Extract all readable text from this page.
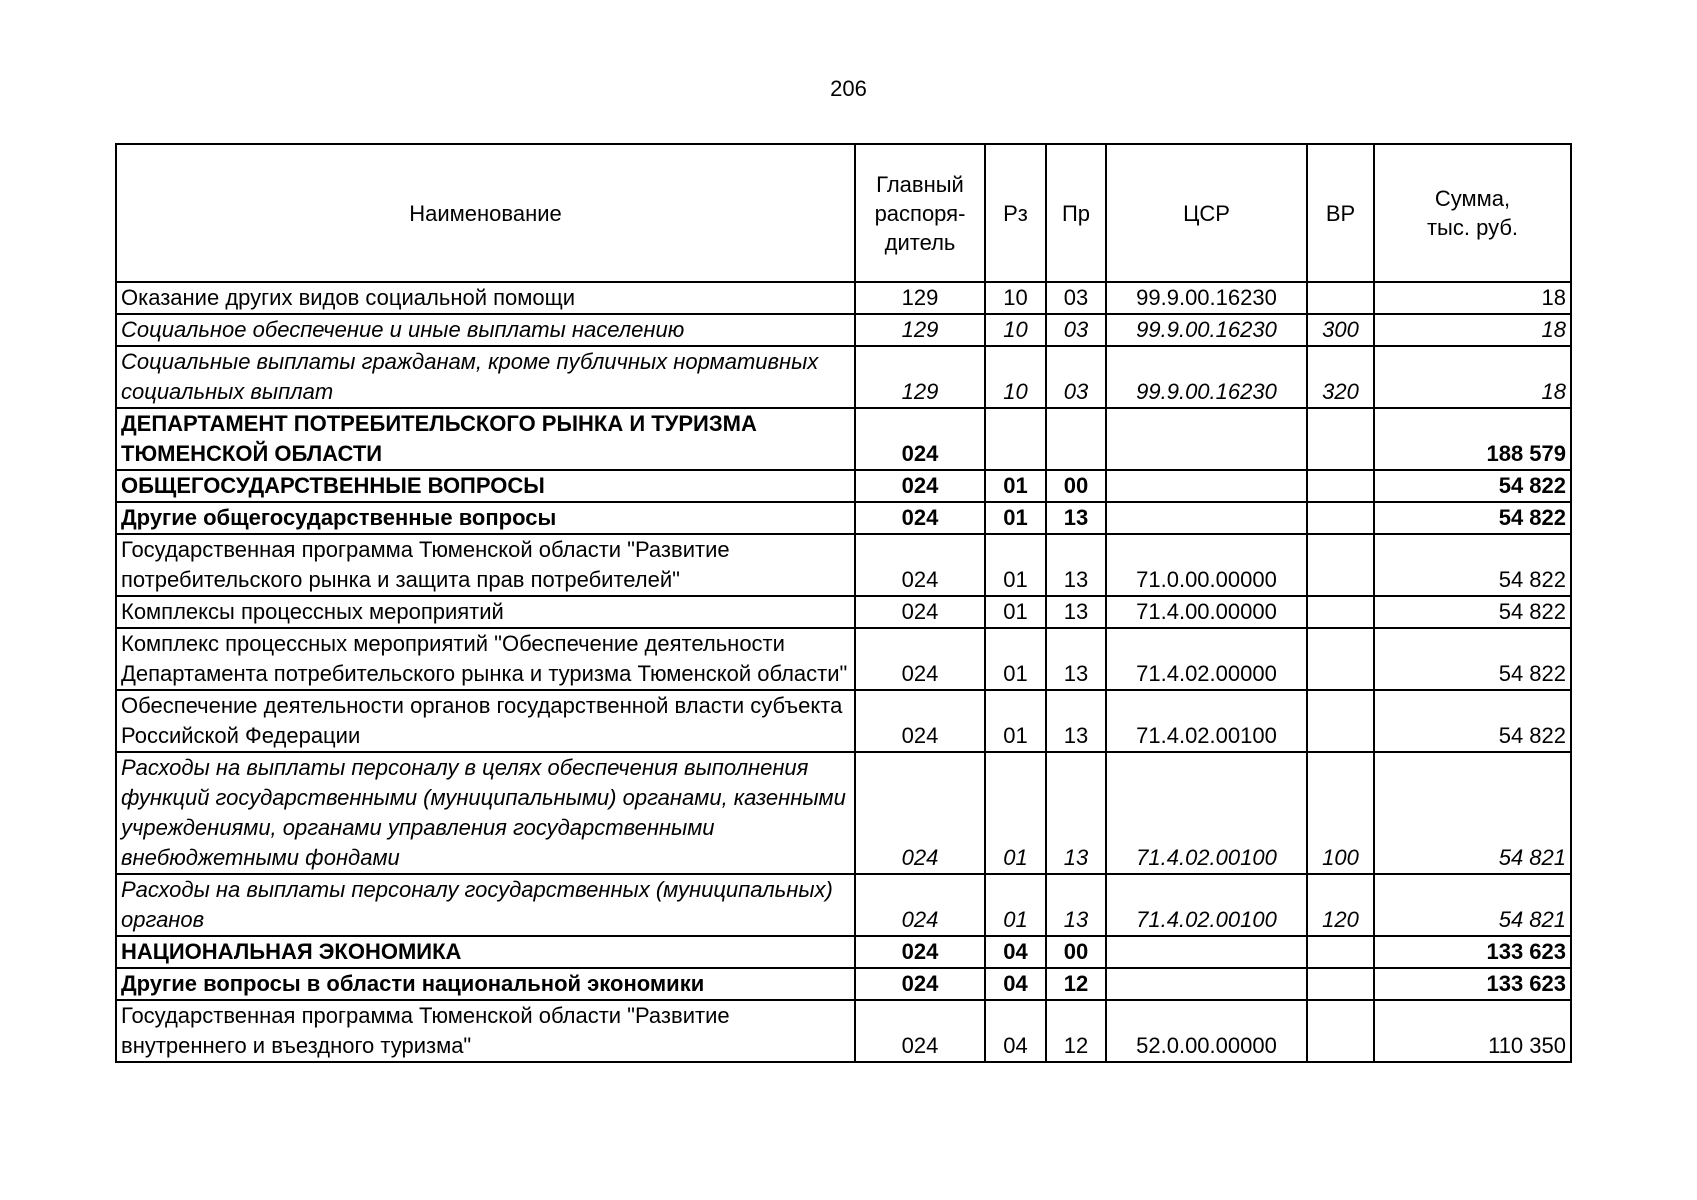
206
Наименование	Главный
распоря-
дитель	Рз	Пр	ЦСР	ВР	Сумма,
тыс. руб.
Оказание других видов социальной помощи	129	10	03	99.9.00.16230		18
Социальное обеспечение и иные выплаты населению	129	10	03	99.9.00.16230	300	18
Социальные выплаты гражданам, кроме публичных нормативных социальных выплат	129	10	03	99.9.00.16230	320	18
ДЕПАРТАМЕНТ ПОТРЕБИТЕЛЬСКОГО РЫНКА И ТУРИЗМА ТЮМЕНСКОЙ ОБЛАСТИ	024					188 579
ОБЩЕГОСУДАРСТВЕННЫЕ ВОПРОСЫ	024	01	00			54 822
Другие общегосударственные вопросы	024	01	13			54 822
Государственная программа Тюменской области "Развитие потребительского рынка и защита прав потребителей"	024	01	13	71.0.00.00000		54 822
Комплексы процессных мероприятий	024	01	13	71.4.00.00000		54 822
Комплекс процессных мероприятий "Обеспечение деятельности Департамента потребительского рынка и туризма Тюменской области"	024	01	13	71.4.02.00000		54 822
Обеспечение деятельности органов государственной власти субъекта Российской Федерации	024	01	13	71.4.02.00100		54 822
Расходы на выплаты персоналу в целях обеспечения выполнения функций государственными (муниципальными) органами, казенными учреждениями, органами управления государственными внебюджетными фондами	024	01	13	71.4.02.00100	100	54 821
Расходы на выплаты персоналу государственных (муниципальных) органов	024	01	13	71.4.02.00100	120	54 821
НАЦИОНАЛЬНАЯ ЭКОНОМИКА	024	04	00			133 623
Другие вопросы в области национальной экономики	024	04	12			133 623
Государственная программа Тюменской области "Развитие внутреннего и въездного туризма"	024	04	12	52.0.00.00000		110 350
